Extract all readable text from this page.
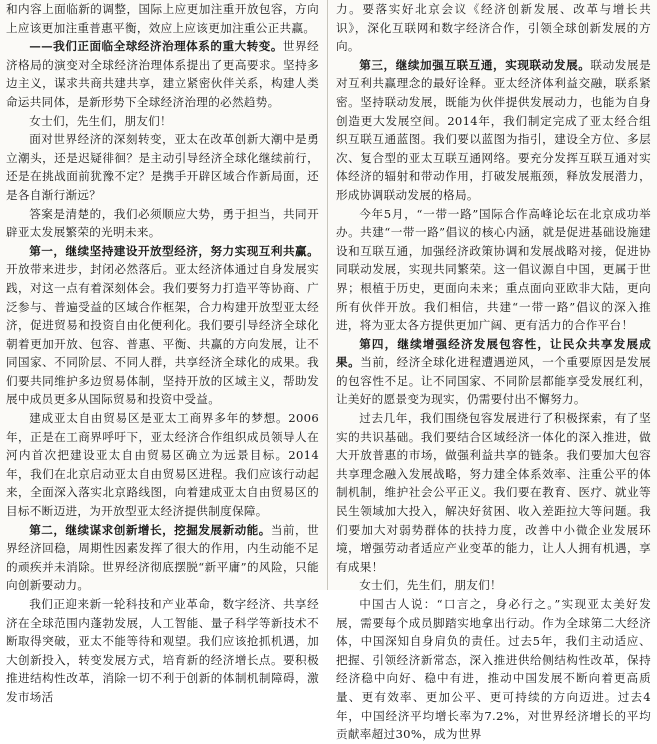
和内容上面临新的调整，国际上应更加注重开放包容，方向上应该更加注重普惠平衡，效应上应该更加注重公正共赢。

——我们正面临全球经济治理体系的重大转变。世界经济格局的演变对全球经济治理体系提出了更高要求。坚持多边主义，谋求共商共建共享，建立紧密伙伴关系，构建人类命运共同体，是新形势下全球经济治理的必然趋势。

女士们，先生们，朋友们！

面对世界经济的深刻转变，亚太在改革创新大潮中是勇立潮头，还是迟疑徘徊？是主动引导经济全球化继续前行，还是在挑战面前犹豫不定？是携手开辟区域合作新局面，还是各自渐行渐远？

答案是清楚的，我们必须顺应大势，勇于担当，共同开辟亚太发展繁荣的光明未来。

第一，继续坚持建设开放型经济，努力实现互利共赢。开放带来进步，封闭必然落后。亚太经济体通过自身发展实践，对这一点有着深刻体会。我们要努力打造平等协商、广泛参与、普遍受益的区域合作框架，合力构建开放型亚太经济，促进贸易和投资自由化便利化。我们要引导经济全球化朝着更加开放、包容、普惠、平衡、共赢的方向发展，让不同国家、不同阶层、不同人群，共享经济全球化的成果。我们要共同维护多边贸易体制，坚持开放的区域主义，帮助发展中成员更多从国际贸易和投资中受益。

建成亚太自由贸易区是亚太工商界多年的梦想。2006年，正是在工商界呼吁下，亚太经济合作组织成员领导人在河内首次把建设亚太自由贸易区确立为远景目标。2014年，我们在北京启动亚太自由贸易区进程。我们应该行动起来，全面深入落实北京路线图，向着建成亚太自由贸易区的目标不断迈进，为开放型亚太经济提供制度保障。

第二，继续谋求创新增长，挖掘发展新动能。当前，世界经济回稳，周期性因素发挥了很大的作用，内生动能不足的顽疾并未消除。世界经济彻底摆脱“新平庸”的风险，只能向创新要动力。

我们正迎来新一轮科技和产业革命，数字经济、共享经济在全球范围内蓬勃发展，人工智能、量子科学等新技术不断取得突破，亚太不能等待和观望。我们应该抢抓机遇，加大创新投入，转变发展方式，培育新的经济增长点。要积极推进结构性改革，消除一切不利于创新的体制机制障碍，激发市场活

力。要落实好北京会议《经济创新发展、改革与增长共识》，深化互联网和数字经济合作，引领全球创新发展的方向。

第三，继续加强互联互通，实现联动发展。联动发展是对互利共赢理念的最好诠释。亚太经济体利益交融，联系紧密。坚持联动发展，既能为伙伴提供发展动力，也能为自身创造更大发展空间。2014年，我们制定完成了亚太经合组织互联互通蓝图。我们要以蓝图为指引，建设全方位、多层次、复合型的亚太互联互通网络。要充分发挥互联互通对实体经济的辐射和带动作用，打破发展瓶颈，释放发展潜力，形成协调联动发展的格局。

今年5月，“一带一路”国际合作高峰论坛在北京成功举办。共建“一带一路”倡议的核心内涵，就是促进基础设施建设和互联互通，加强经济政策协调和发展战略对接，促进协同联动发展，实现共同繁荣。这一倡议源自中国，更属于世界；根植于历史，更面向未来；重点面向亚欧非大陆，更向所有伙伴开放。我们相信，共建“一带一路”倡议的深入推进，将为亚太各方提供更加广阔、更有活力的合作平台！

第四，继续增强经济发展包容性，让民众共享发展成果。当前，经济全球化进程遭遇逆风，一个重要原因是发展的包容性不足。让不同国家、不同阶层都能享受发展红利，让美好的愿景变为现实，仍需要付出不懈努力。

过去几年，我们围绕包容发展进行了积极探索，有了坚实的共识基础。我们要结合区域经济一体化的深入推进，做大开放普惠的市场，做强利益共享的链条。我们要加大包容共享理念融入发展战略，努力建全体系效率、注重公平的体制机制，维护社会公平正义。我们要在教育、医疗、就业等民生领域加大投入，解决好贫困、收入差距拉大等问题。我们要加大对弱势群体的扶持力度，改善中小微企业发展环境，增强劳动者适应产业变革的能力，让人人拥有机遇，享有成果！

女士们，先生们，朋友们！

中国古人说：“口言之，身必行之。”实现亚太美好发展，需要每个成员脚踏实地拿出行动。作为全球第二大经济体，中国深知自身肩负的责任。过去5年，我们主动适应、把握、引领经济新常态，深入推进供给侧结构性改革，保持经济稳中向好、稳中有进，推动中国发展不断向着更高质量、更有效率、更加公平、更可持续的方向迈进。过去4年，中国经济平均增长率为7.2%，对世界经济增长的平均贡献率超过30%，成为世界
